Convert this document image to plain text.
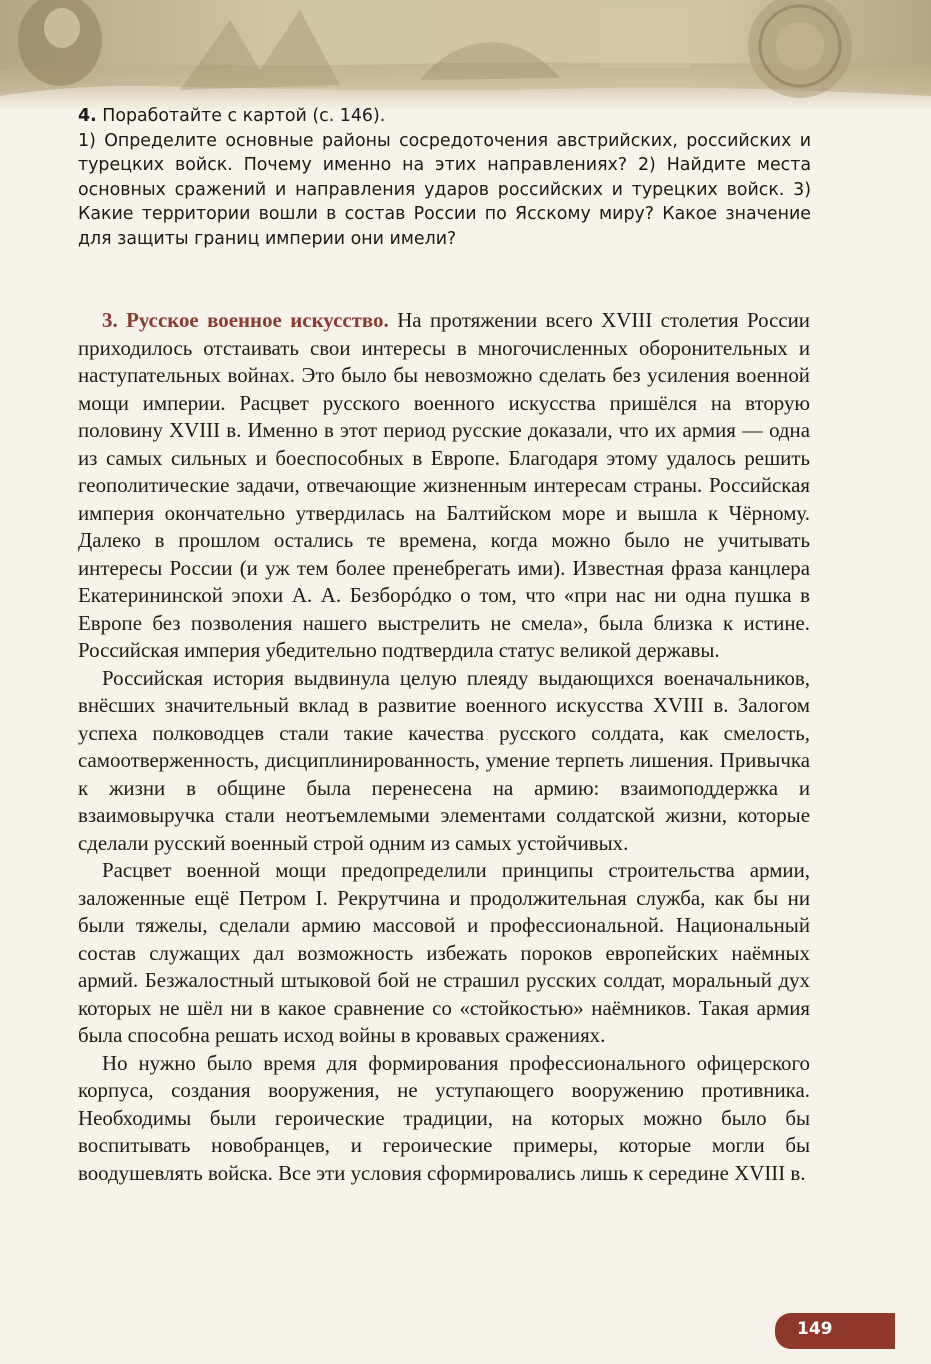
4. Поработайте с картой (с. 146).

1) Определите основные районы сосредоточения австрийских, российских и турецких войск. Почему именно на этих направлениях? 2) Найдите места основных сражений и направления ударов российских и турецких войск. 3) Какие территории вошли в состав России по Ясскому миру? Какое значение для защиты границ империи они имели?

3. Русское военное искусство. На протяжении всего XVIII столетия России приходилось отстаивать свои интересы в многочисленных оборонительных и наступательных войнах. Это было бы невозможно сделать без усиления военной мощи империи. Расцвет русского военного искусства пришёлся на вторую половину XVIII в. Именно в этот период русские доказали, что их армия — одна из самых сильных и боеспособных в Европе. Благодаря этому удалось решить геополитические задачи, отвечающие жизненным интересам страны. Российская империя окончательно утвердилась на Балтийском море и вышла к Чёрному. Далеко в прошлом остались те времена, когда можно было не учитывать интересы России (и уж тем более пренебрегать ими). Известная фраза канцлера Екатерининской эпохи А. А. Безборóдко о том, что «при нас ни одна пушка в Европе без позволения нашего выстрелить не смела», была близка к истине. Российская империя убедительно подтвердила статус великой державы.

Российская история выдвинула целую плеяду выдающихся военачальников, внёсших значительный вклад в развитие военного искусства XVIII в. Залогом успеха полководцев стали такие качества русского солдата, как смелость, самоотверженность, дисциплинированность, умение терпеть лишения. Привычка к жизни в общине была перенесена на армию: взаимоподдержка и взаимовыручка стали неотъемлемыми элементами солдатской жизни, которые сделали русский военный строй одним из самых устойчивых.

Расцвет военной мощи предопределили принципы строительства армии, заложенные ещё Петром I. Рекрутчина и продолжительная служба, как бы ни были тяжелы, сделали армию массовой и профессиональной. Национальный состав служащих дал возможность избежать пороков европейских наёмных армий. Безжалостный штыковой бой не страшил русских солдат, моральный дух которых не шёл ни в какое сравнение со «стойкостью» наёмников. Такая армия была способна решать исход войны в кровавых сражениях.

Но нужно было время для формирования профессионального офицерского корпуса, создания вооружения, не уступающего вооружению противника. Необходимы были героические традиции, на которых можно было бы воспитывать новобранцев, и героические примеры, которые могли бы воодушевлять войска. Все эти условия сформировались лишь к середине XVIII в.

149
